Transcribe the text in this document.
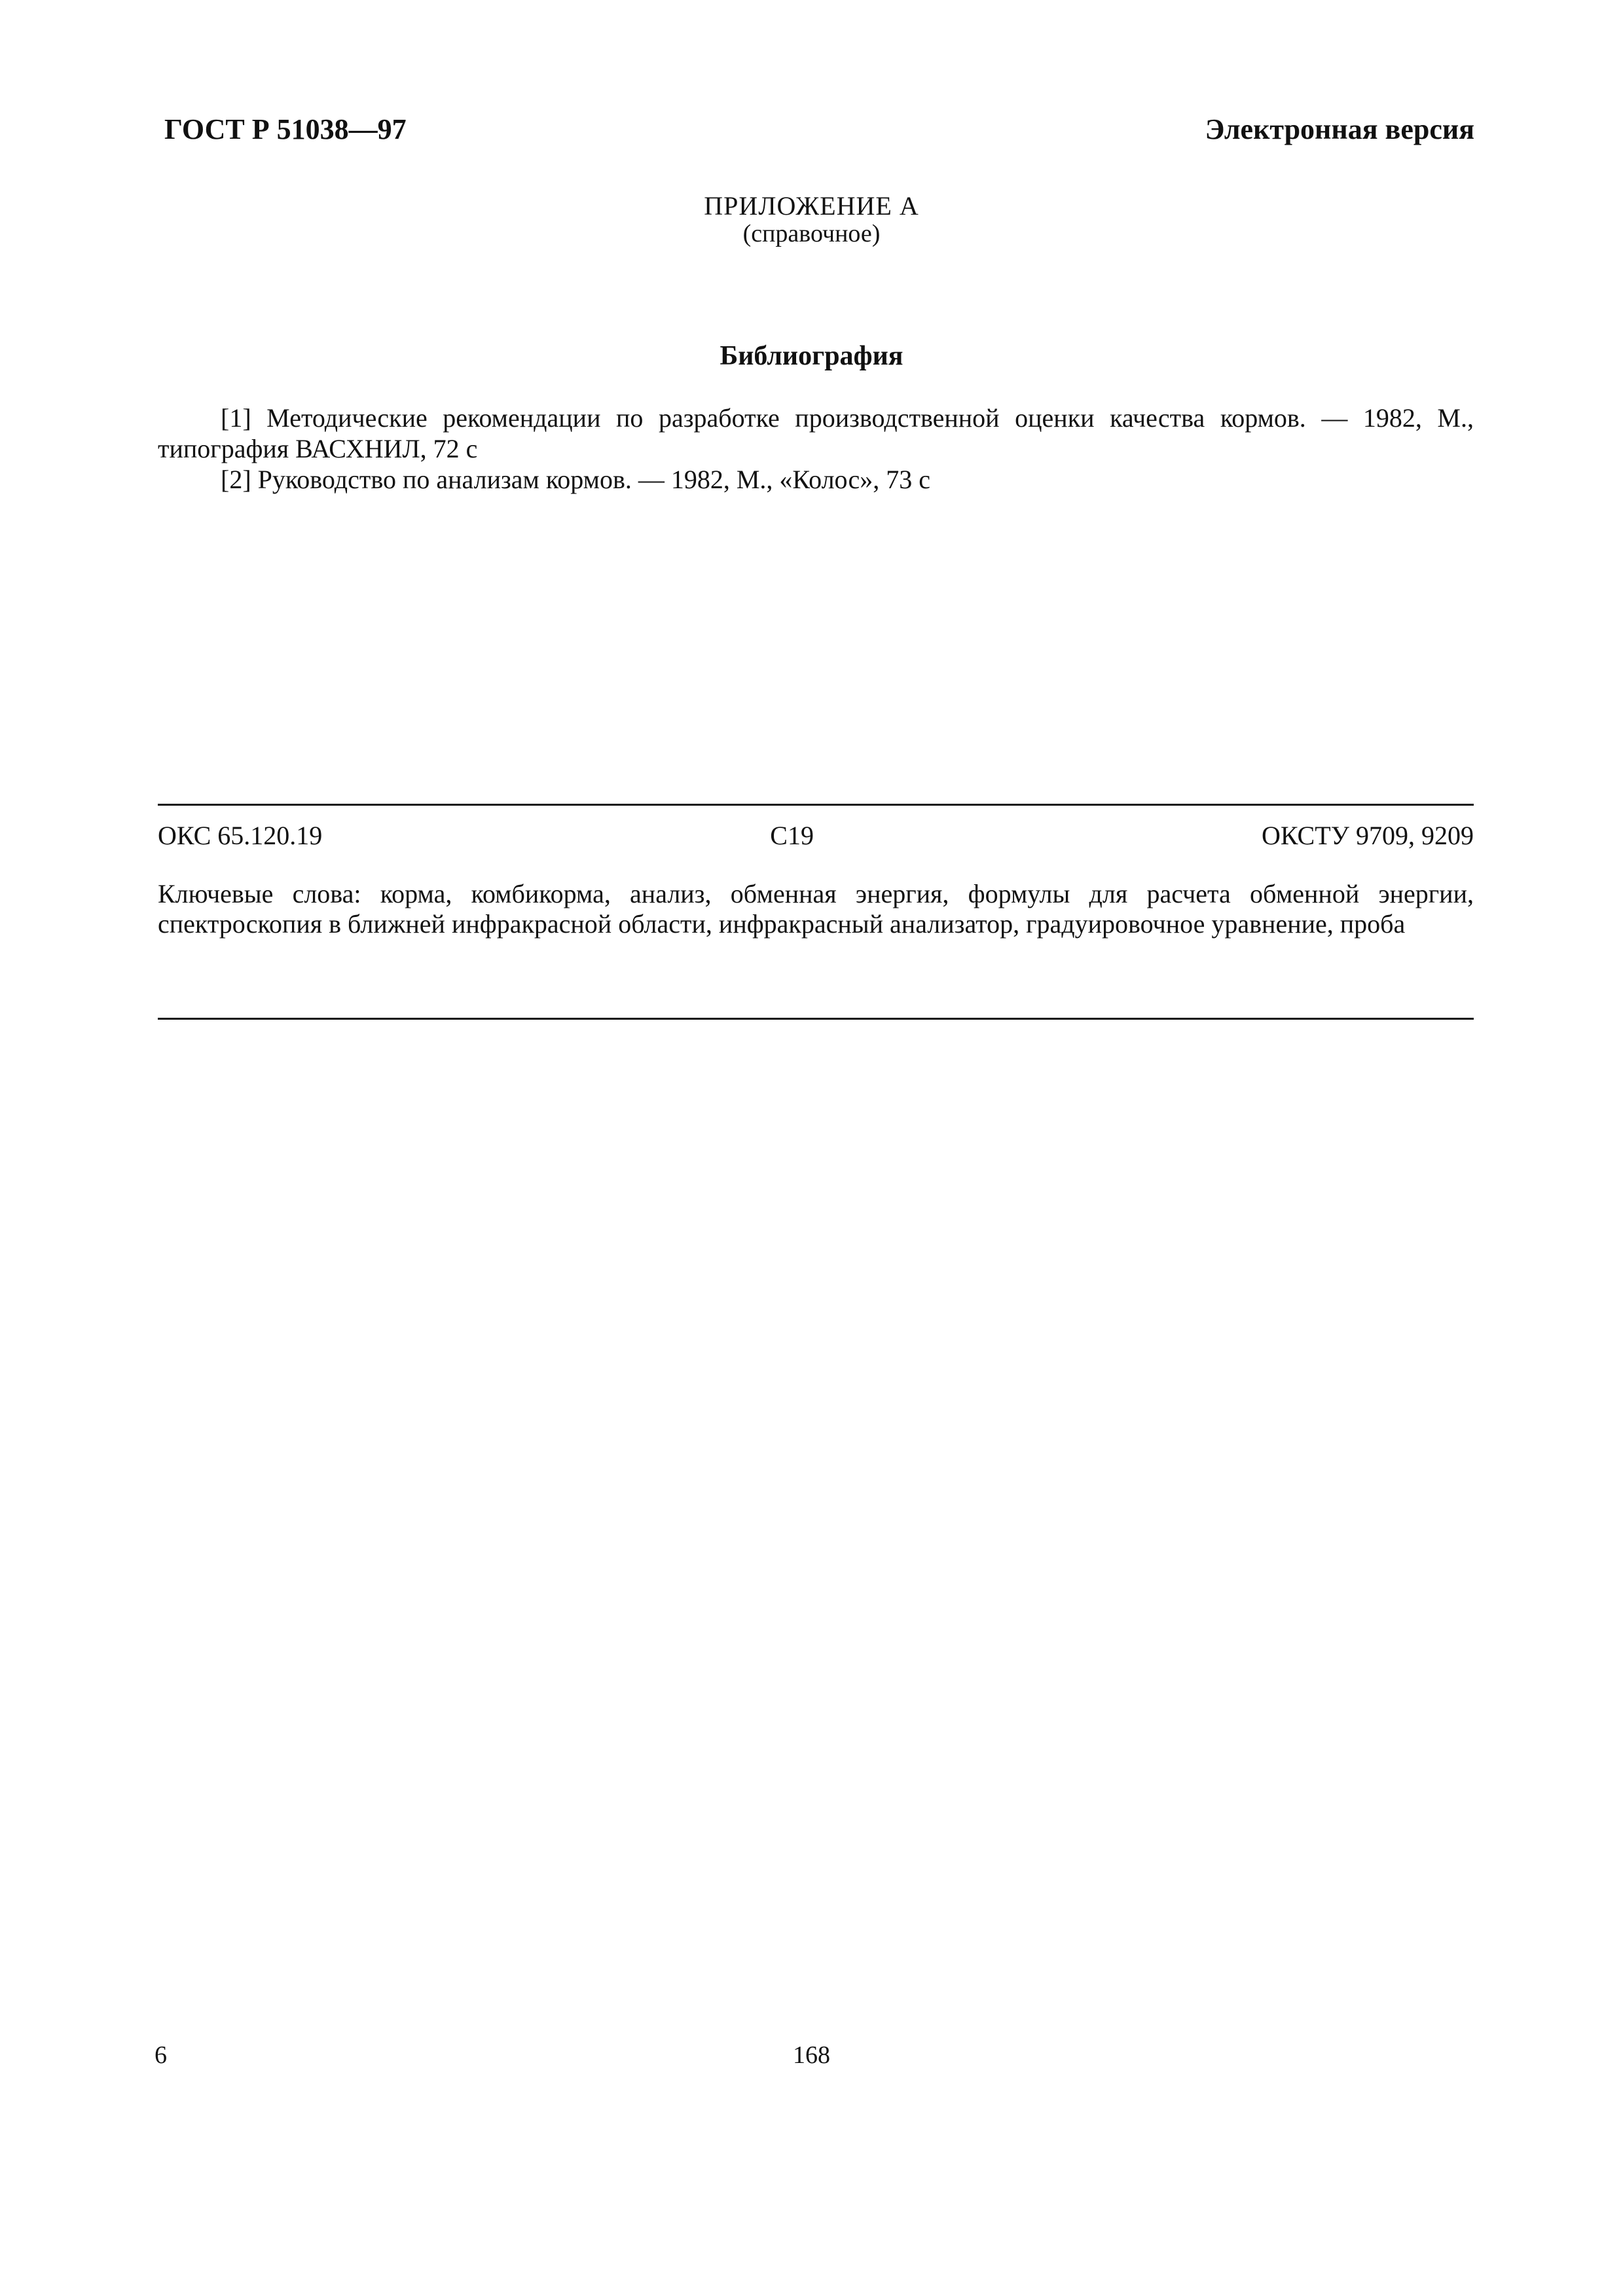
ГОСТ Р 51038—97	Электронная версия
ПРИЛОЖЕНИЕ А
(справочное)
Библиография

[1] Методические рекомендации по разработке производственной оценки качества кормов. — 1982, М., типография ВАСХНИЛ, 72 с

[2] Руководство по анализам кормов. — 1982, М., «Колос», 73 с

ОКС 65.120.19	С19	ОКСТУ 9709, 9209

Ключевые слова: корма, комбикорма, анализ, обменная энергия, формулы для расчета обменной энергии, спектроскопия в ближней инфракрасной области, инфракрасный анализатор, градуировочное уравнение, проба

6	168
